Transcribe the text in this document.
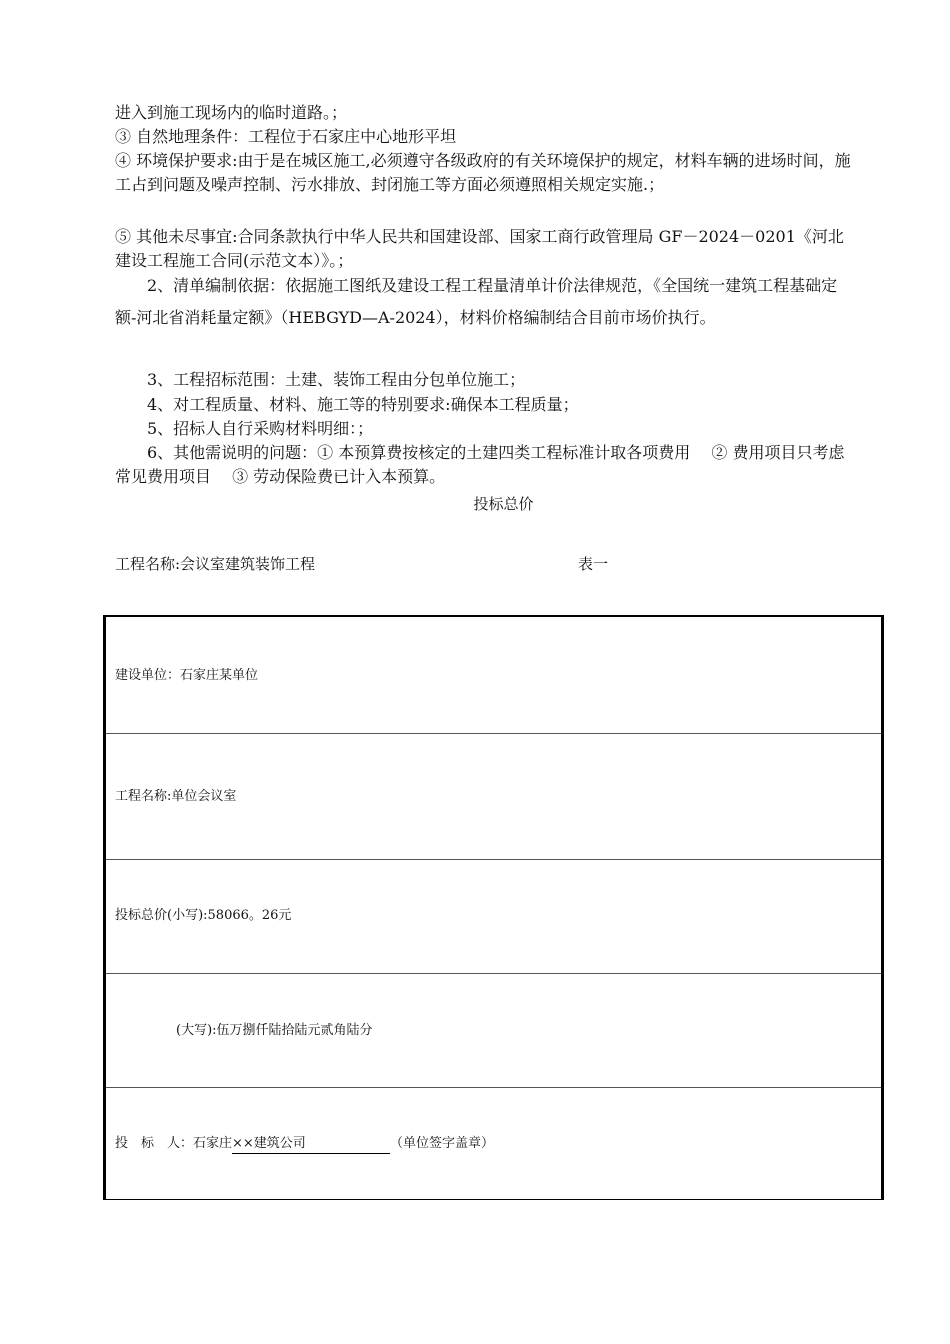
进入到施工现场内的临时道路。；

③ 自然地理条件：工程位于石家庄中心地形平坦

④ 环境保护要求:由于是在城区施工,必须遵守各级政府的有关环境保护的规定，材料车辆的进场时间，施工占到问题及噪声控制、污水排放、封闭施工等方面必须遵照相关规定实施.；

⑤ 其他未尽事宜:合同条款执行中华人民共和国建设部、国家工商行政管理局 GF－2024－0201《河北建设工程施工合同(示范文本）》。；

2、清单编制依据：依据施工图纸及建设工程工程量清单计价法律规范，《全国统一建筑工程基础定额-河北省消耗量定额》（HEBGYD—A-2024），材料价格编制结合目前市场价执行。

3、工程招标范围：土建、装饰工程由分包单位施工；

4、对工程质量、材料、施工等的特别要求:确保本工程质量；

5、招标人自行采购材料明细：；

6、其他需说明的问题：① 本预算费按核定的土建四类工程标准计取各项费用　 ② 费用项目只考虑常见费用项目　 ③ 劳动保险费已计入本预算。

投标总价
工程名称:会议室建筑装饰工程	表一
建设单位：石家庄某单位
工程名称:单位会议室
投标总价(小写):58066。26元
(大写):伍万捌仟陆拾陆元贰角陆分
投　标　人：石家庄××建筑公司	（单位签字盖章）
